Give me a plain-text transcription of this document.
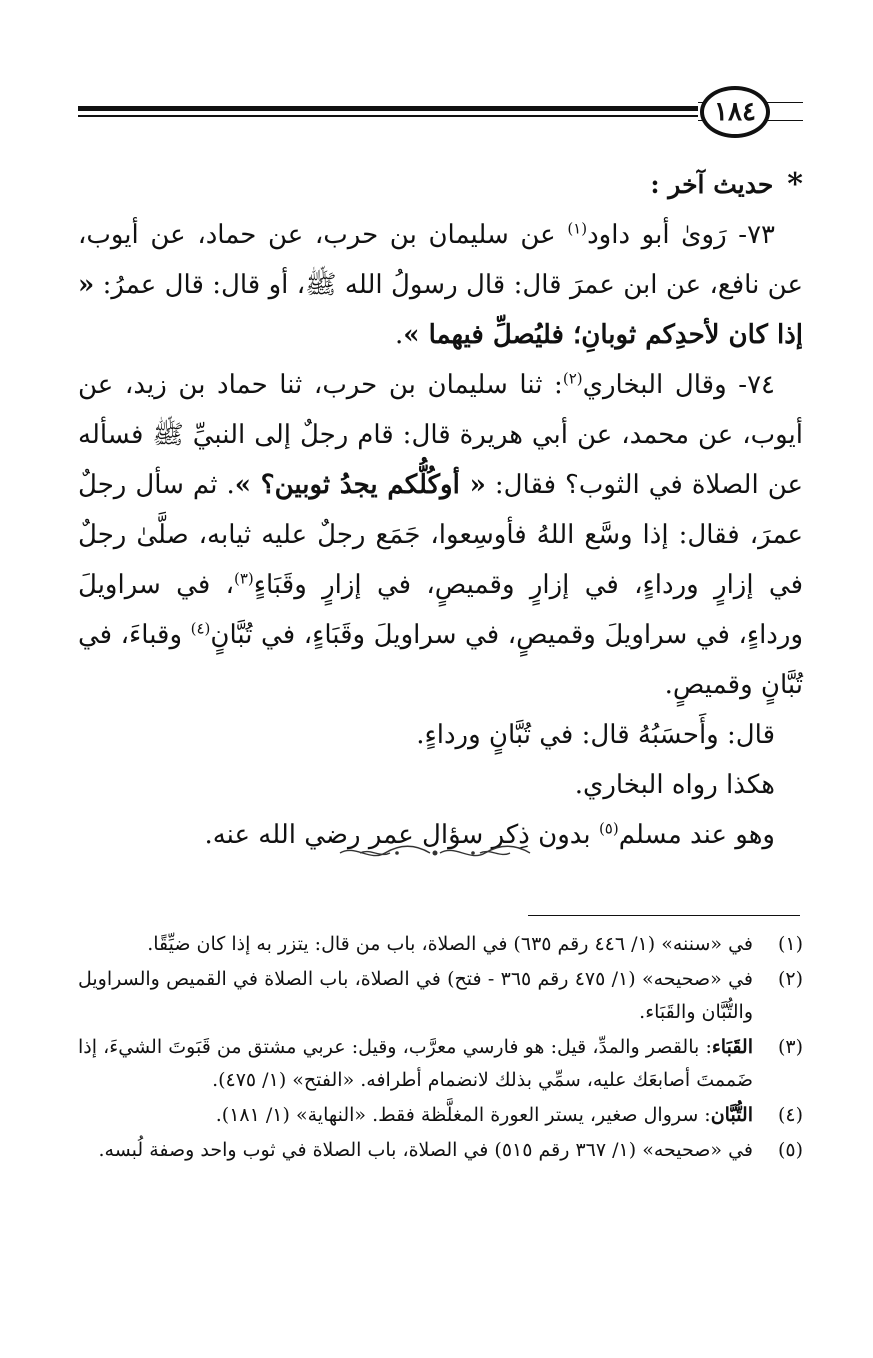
١٨٤
*
حديث آخر :

٧٣- رَوىٰ أبو داود$^{(١)}$ عن سليمان بن حرب، عن حماد، عن أيوب، عن نافع، عن ابن عمرَ قال: قال رسولُ الله ﷺ، أو قال: قال عمرُ: « إذا كان لأحدِكم ثوبانِ؛ فليُصلِّ فيهما ».

٧٤- وقال البخاري$^{(٢)}$: ثنا سليمان بن حرب، ثنا حماد بن زيد، عن أيوب، عن محمد، عن أبي هريرة قال: قام رجلٌ إلى النبيِّ ﷺ فسأله عن الصلاة في الثوب؟ فقال: « أوكُلُّكم يجدُ ثوبين؟ ». ثم سأل رجلٌ عمرَ، فقال: إذا وسَّع اللهُ فأوسِعوا، جَمَع رجلٌ عليه ثيابه، صلَّىٰ رجلٌ في إزارٍ ورداءٍ، في إزارٍ وقميصٍ، في إزارٍ وقَبَاءٍ$^{(٣)}$، في سراويلَ ورداءٍ، في سراويلَ وقميصٍ، في سراويلَ وقَبَاءٍ، في تُبَّانٍ$^{(٤)}$ وقباءَ، في تُبَّانٍ وقميصٍ.

قال: وأَحسَبُهُ قال: في تُبَّانٍ ورداءٍ.

هكذا رواه البخاري.

وهو عند مسلم$^{(٥)}$ بدون ذِكر سؤال عمر رضي الله عنه.

(١)
في «سننه» (١/ ٤٤٦ رقم ٦٣٥) في الصلاة، باب من قال: يتزر به إذا كان ضيِّقًا.
(٢)
في «صحيحه» (١/ ٤٧٥ رقم ٣٦٥ - فتح) في الصلاة، باب الصلاة في القميص والسراويل والتُّبَّان والقَبَاء.
(٣)
القَبَاء: بالقصر والمدِّ، قيل: هو فارسي معرَّب، وقيل: عربي مشتق من قَبَوتَ الشيءَ، إذا ضَممتَ أصابعَك عليه، سمِّي بذلك لانضمام أطرافه. «الفتح» (١/ ٤٧٥).
(٤)
التُّبَّان: سروال صغير، يستر العورة المغلَّظة فقط. «النهاية» (١/ ١٨١).
(٥)
في «صحيحه» (١/ ٣٦٧ رقم ٥١٥) في الصلاة، باب الصلاة في ثوب واحد وصفة لُبسه.
